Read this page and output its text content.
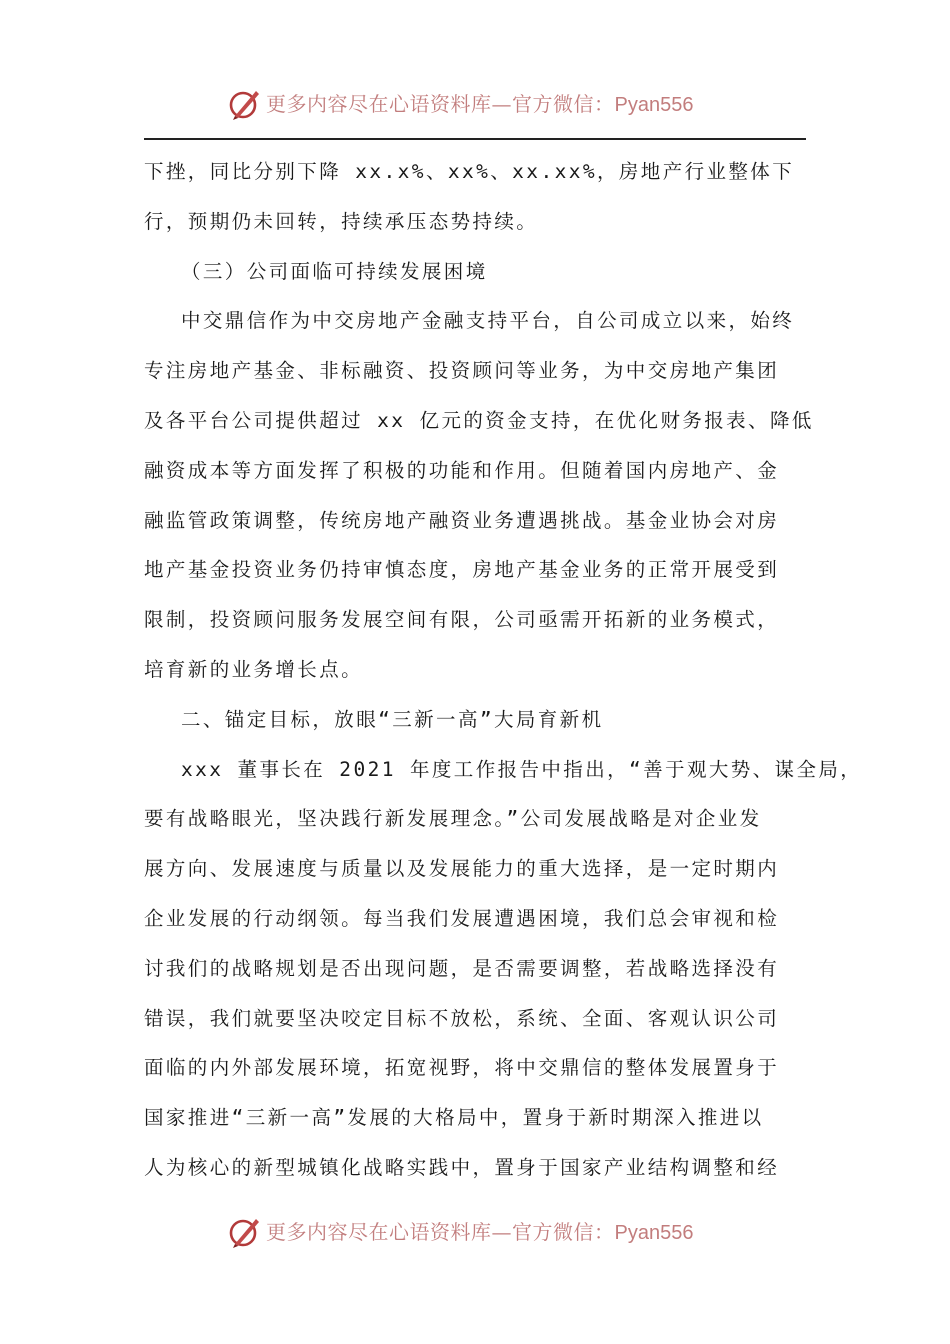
更多内容尽在心语资料库—官方微信：Pyan556
下挫，同比分别下降 xx.x%、xx%、xx.xx%，房地产行业整体下
行，预期仍未回转，持续承压态势持续。
（三）公司面临可持续发展困境
中交鼎信作为中交房地产金融支持平台，自公司成立以来，始终
专注房地产基金、非标融资、投资顾问等业务，为中交房地产集团
及各平台公司提供超过 xx 亿元的资金支持，在优化财务报表、降低
融资成本等方面发挥了积极的功能和作用。但随着国内房地产、金
融监管政策调整，传统房地产融资业务遭遇挑战。基金业协会对房
地产基金投资业务仍持审慎态度，房地产基金业务的正常开展受到
限制，投资顾问服务发展空间有限，公司亟需开拓新的业务模式，
培育新的业务增长点。
二、锚定目标，放眼“三新一高”大局育新机
xxx 董事长在 2021 年度工作报告中指出，“善于观大势、谋全局，
要有战略眼光，坚决践行新发展理念。”公司发展战略是对企业发
展方向、发展速度与质量以及发展能力的重大选择，是一定时期内
企业发展的行动纲领。每当我们发展遭遇困境，我们总会审视和检
讨我们的战略规划是否出现问题，是否需要调整，若战略选择没有
错误，我们就要坚决咬定目标不放松，系统、全面、客观认识公司
面临的内外部发展环境，拓宽视野，将中交鼎信的整体发展置身于
国家推进“三新一高”发展的大格局中，置身于新时期深入推进以
人为核心的新型城镇化战略实践中，置身于国家产业结构调整和经
更多内容尽在心语资料库—官方微信：Pyan556
